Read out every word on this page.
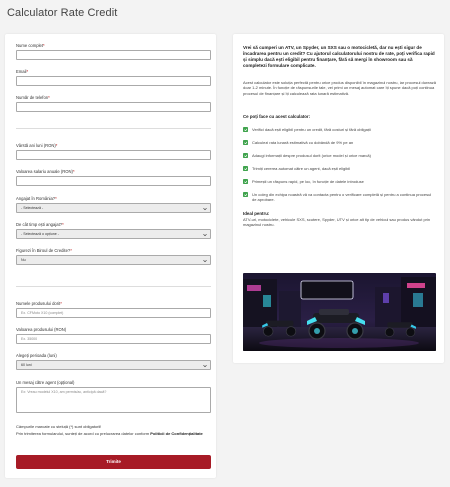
Calculator Rate Credit
Nume complet*
Email*
Număr de telefon*
Vârstă ani luni (RON)*
Valoarea salariu anuale (RON)*
Angajat în România?*
- Selectează -
De cât timp ești angajat?*
- Selectează o opțiune -
Figurezi în Biroul de Credite?*
Nu
Numele produsului dorit*
Ex. CFMoto X10 (complet)
Valoarea produsului (RON)
Ex. 35000
Alegeți perioada (luni)
60 luni
Un mesaj către agent (opțional)
Ex: Vreau modelul X10, am permis/ac, anticipă dacă?
Câmpurile marcate cu steluță (*) sunt obligatorii!
Prin trimiterea formularului, sunteți de acord cu prelucrarea datelor conform Politicii de Confidențialitate
Trimite
Vrei să cumperi un ATV, un Spyder, un SXS sau o motocicletă, dar nu ești sigur de încadrarea pentru un credit? Cu ajutorul calculatorului nostru de rate, poți verifica rapid și simplu dacă ești eligibil pentru finanțare, fără să mergi în showroom sau să completezi formulare complicate.
Acest calculator este soluția perfectă pentru orice produs disponibil în magazinul nostru, iar procesul durează doar 1-2 minute. În funcție de răspunsurile tale, vei primi un mesaj automat care îți spune dacă poți continua procesul de finanțare și îți calculează rata lunară estimativă.
Ce poți face cu acest calculator:
Verifici dacă ești eligibil pentru un credit, fără costuri și fără obligații
Calculezi rata lunară estimativă cu dobândă de 9% pe an
Adaugi informații despre produsul dorit (orice model și orice marcă)
Trimiți cererea automat către un agent, dacă ești eligibil
Primești un răspuns rapid, pe loc, în funcție de datele introduse
Un coleg din echipa noastră vă va contacta pentru o verificare completă și pentru a continua procesul de aprobare.
Ideal pentru:
ATV-uri, motociclete, vehicule SXS, scutere, Spyder, UTV și orice alt tip de vehicul sau produs vândut prin magazinul nostru.
